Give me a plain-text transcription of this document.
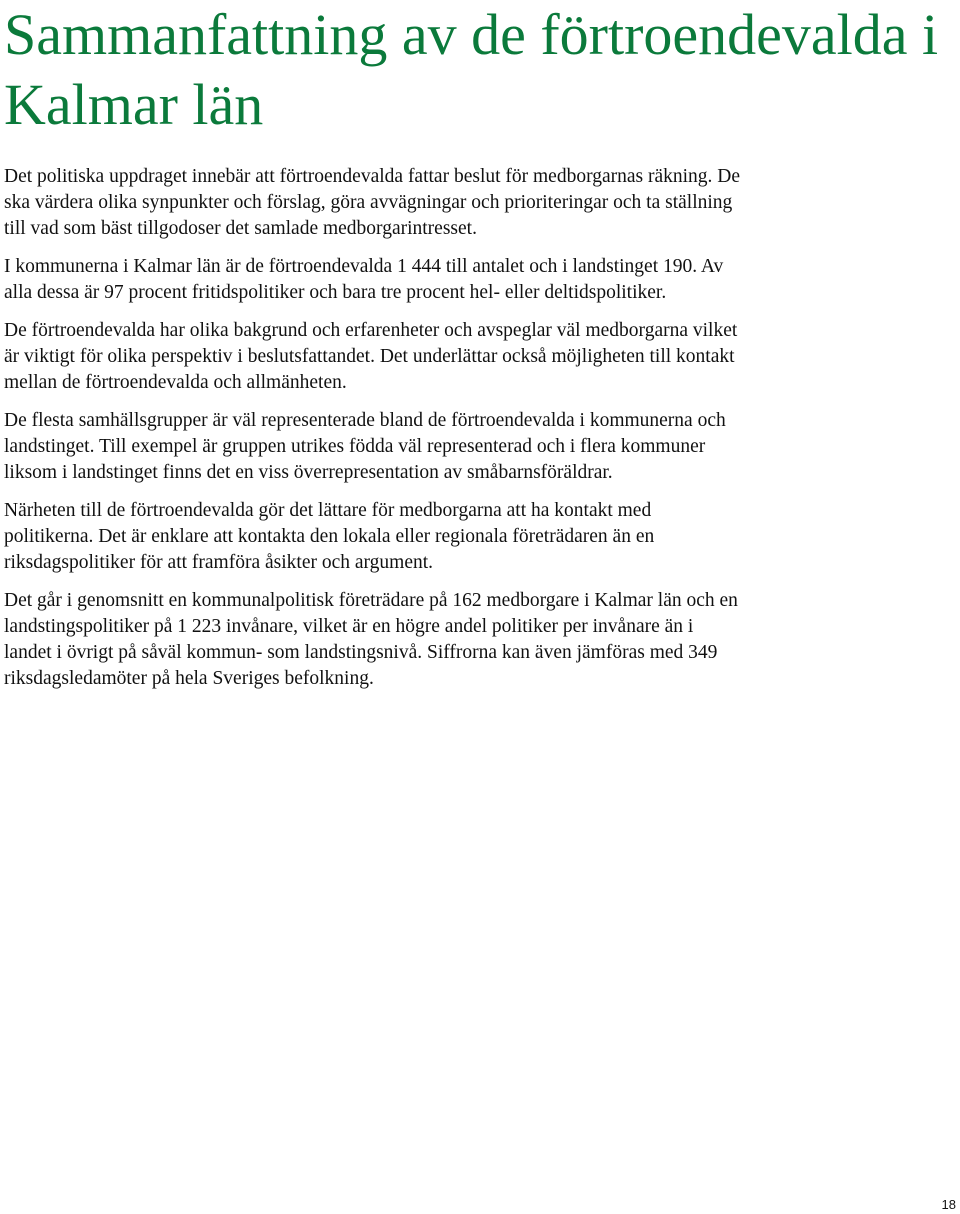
Sammanfattning av de förtroendevalda i Kalmar län

Det politiska uppdraget innebär att förtroendevalda fattar beslut för medborgarnas räkning. De ska värdera olika synpunkter och förslag, göra avvägningar och prioriteringar och ta ställning till vad som bäst tillgodoser det samlade medborgarintresset.

I kommunerna i Kalmar län är de förtroendevalda 1 444 till antalet och i landstinget 190. Av alla dessa är 97 procent fritidspolitiker och bara tre procent hel- eller deltidspolitiker.

De förtroendevalda har olika bakgrund och erfarenheter och avspeglar väl medborgarna vilket är viktigt för olika perspektiv i beslutsfattandet. Det underlättar också möjligheten till kontakt mellan de förtroendevalda och allmänheten.

De flesta samhällsgrupper är väl representerade bland de förtroendevalda i kommunerna och landstinget. Till exempel är gruppen utrikes födda väl representerad och i flera kommuner liksom i landstinget finns det en viss överrepresentation av småbarnsföräldrar.

Närheten till de förtroendevalda gör det lättare för medborgarna att ha kontakt med politikerna. Det är enklare att kontakta den lokala eller regionala företrädaren än en riksdagspolitiker för att framföra åsikter och argument.

Det går i genomsnitt en kommunalpolitisk företrädare på 162 medborgare i Kalmar län och en landstingspolitiker på 1 223 invånare, vilket är en högre andel politiker per invånare än i landet i övrigt på såväl kommun- som landstingsnivå. Siffrorna kan även jämföras med 349 riksdagsledamöter på hela Sveriges befolkning.

18
